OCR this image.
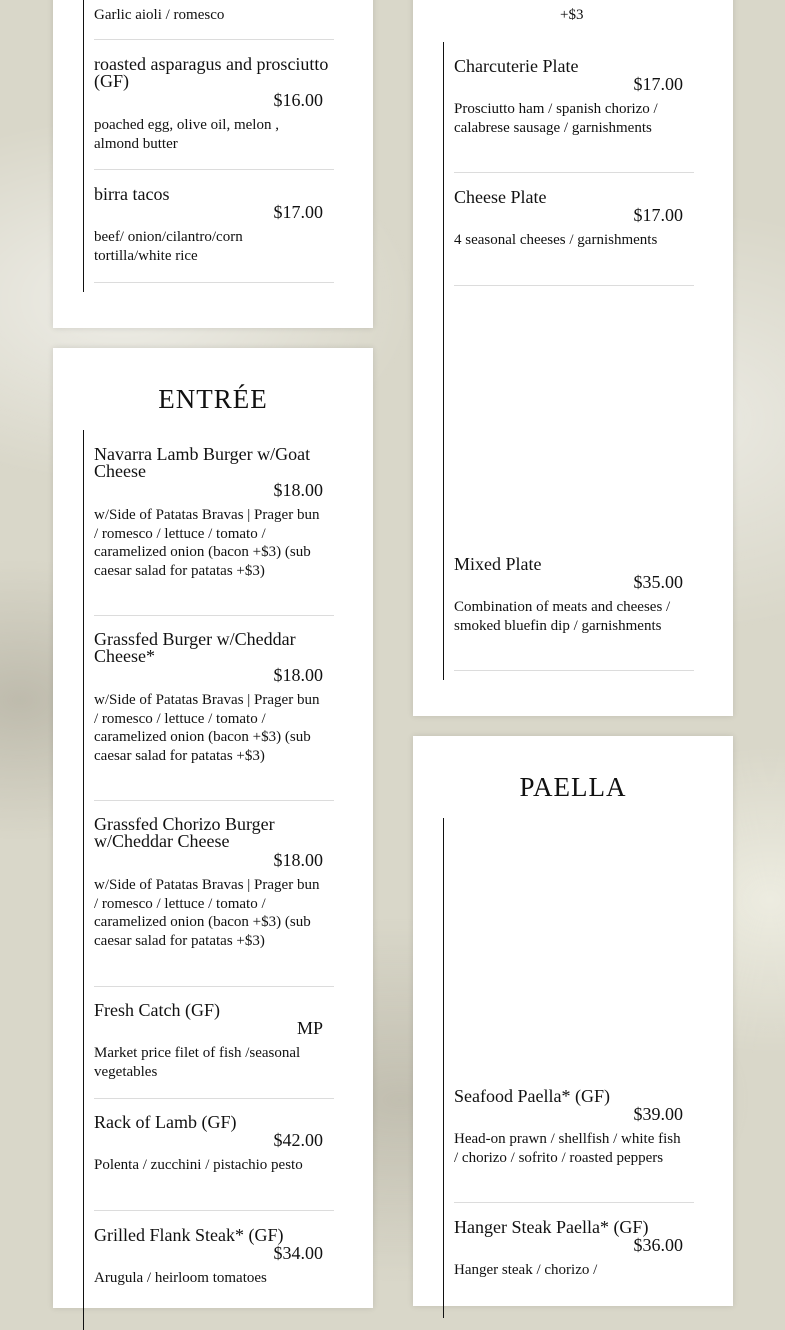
Garlic aioli / romesco
roasted asparagus and prosciutto (GF)
$16.00
poached egg, olive oil, melon , almond butter
birra tacos
$17.00
beef/ onion/cilantro/corn tortilla/white rice
ENTRÉE
Navarra Lamb Burger w/Goat Cheese
$18.00
w/Side of Patatas Bravas | Prager bun / romesco / lettuce / tomato / caramelized onion (bacon +$3) (sub caesar salad for patatas +$3)
Grassfed Burger w/Cheddar Cheese*
$18.00
w/Side of Patatas Bravas | Prager bun / romesco / lettuce / tomato / caramelized onion (bacon +$3) (sub caesar salad for patatas +$3)
Grassfed Chorizo Burger w/Cheddar Cheese
$18.00
w/Side of Patatas Bravas | Prager bun / romesco / lettuce / tomato / caramelized onion (bacon +$3) (sub caesar salad for patatas +$3)
Fresh Catch (GF)
MP
Market price filet of fish /seasonal vegetables
Rack of Lamb (GF)
$42.00
Polenta / zucchini / pistachio pesto
Grilled Flank Steak* (GF)
$34.00
Arugula / heirloom tomatoes
+$3
Charcuterie Plate
$17.00
Prosciutto ham / spanish chorizo / calabrese sausage / garnishments
Cheese Plate
$17.00
4 seasonal cheeses / garnishments
Mixed Plate
$35.00
Combination of meats and cheeses / smoked bluefin dip / garnishments
PAELLA
Seafood Paella* (GF)
$39.00
Head-on prawn / shellfish / white fish / chorizo / sofrito / roasted peppers
Hanger Steak Paella* (GF)
$36.00
Hanger steak / chorizo /
